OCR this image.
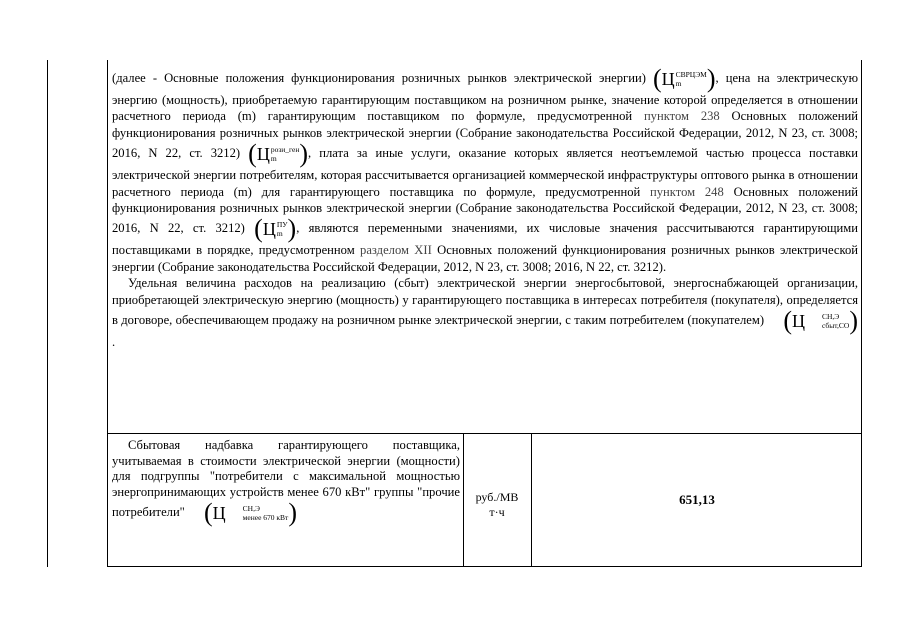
(далее - Основные положения функционирования розничных рынков электрической энергии) (Ц СВРЦЭМ
m ), цена на электрическую энергию (мощность), приобретаемую гарантирующим поставщиком на розничном рынке, значение которой определяется в отношении расчетного периода (m) гарантирующим поставщиком по формуле, предусмотренной пунктом 238 Основных положений функционирования розничных рынков электрической энергии (Собрание законодательства Российской Федерации, 2012, N 23, ст. 3008; 2016, N 22, ст. 3212) (Ц рози_ген
m ), плата за иные услуги, оказание которых является неотъемлемой частью процесса поставки электрической энергии потребителям, которая рассчитывается организацией коммерческой инфраструктуры оптового рынка в отношении расчетного периода (m) для гарантирующего поставщика по формуле, предусмотренной пунктом 248 Основных положений функционирования розничных рынков электрической энергии (Собрание законодательства Российской Федерации, 2012, N 23, ст. 3008; 2016, N 22, ст. 3212) (Ц ПУ
m ), являются переменными значениями, их числовые значения рассчитываются гарантирующими поставщиками в порядке, предусмотренном разделом XII Основных положений функционирования розничных рынков электрической энергии (Собрание законодательства Российской Федерации, 2012, N 23, ст. 3008; 2016, N 22, ст. 3212).

Удельная величина расходов на реализацию (сбыт) электрической энергии энергосбытовой, энергоснабжающей организации, приобретающей электрическую энергию (мощность) у гарантирующего поставщика в интересах потребителя (покупателя), определяется в договоре, обеспечивающем продажу на розничном рынке электрической энергии, с таким потребителем (покупателем) (Ц	СН,Э
сбыт,СО ).

Сбытовая надбавка гарантирующего поставщика, учитываемая в стоимости электрической энергии (мощности) для подгруппы "потребители с максимальной мощностью энергопринимающих устройств менее 670 кВт" группы "прочие потребители" (Ц	СН,Э
менее 670 кВт )

руб./МВ
т·ч
651,13
